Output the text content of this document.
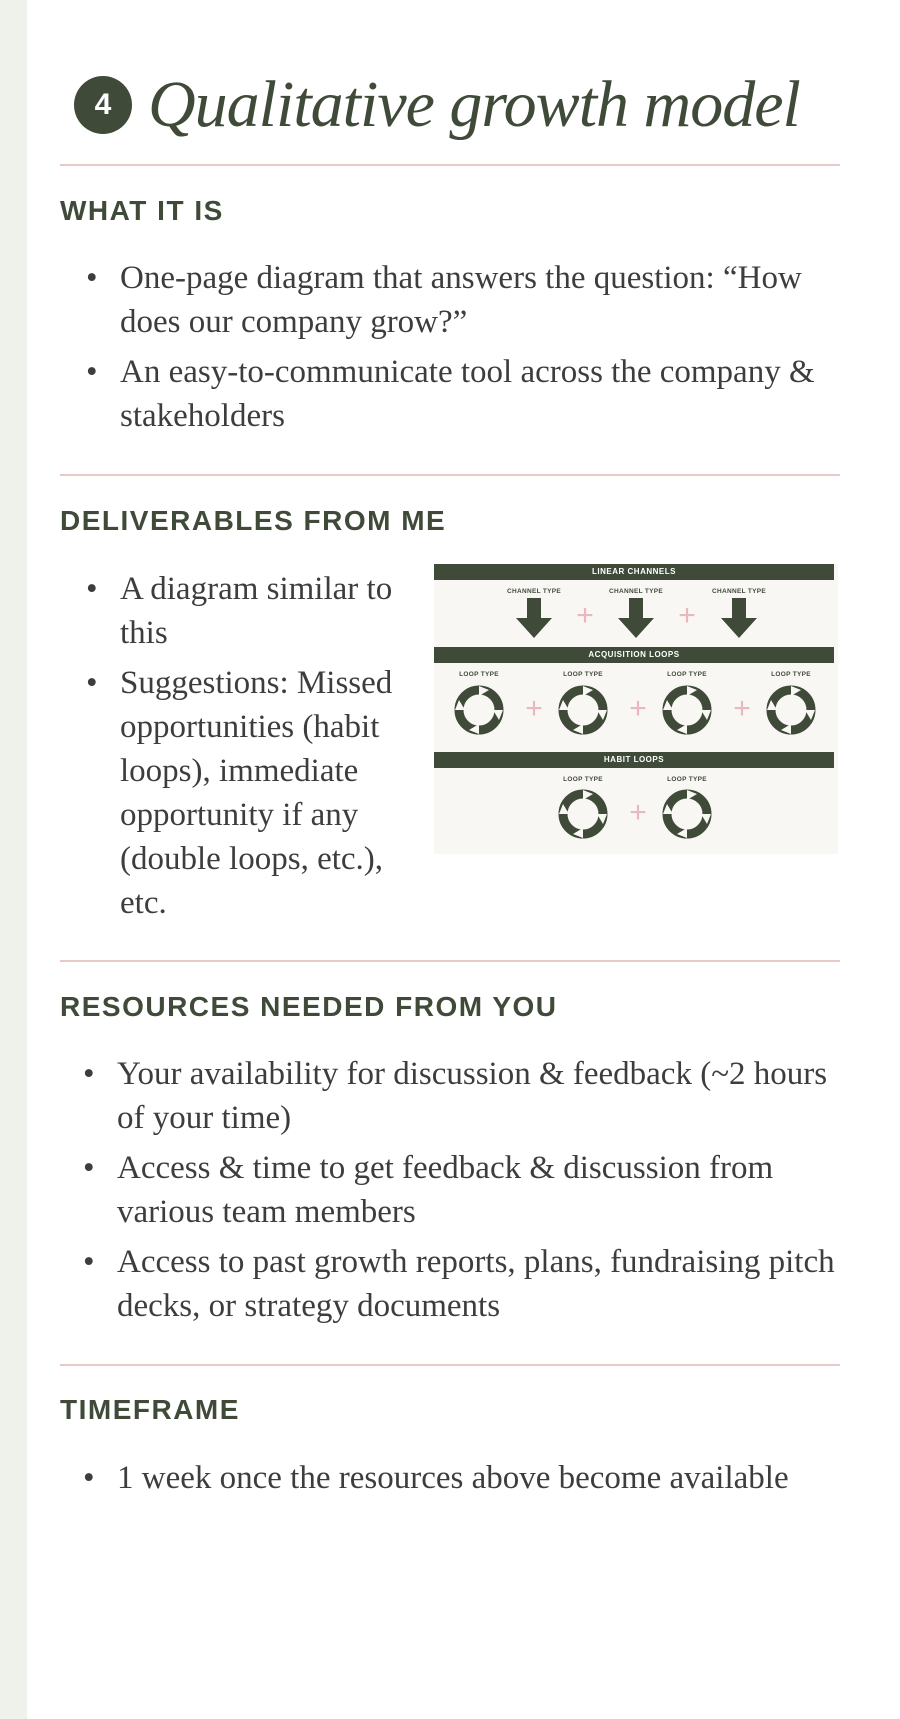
4 Qualitative growth model
WHAT IT IS
• One-page diagram that answers the question: “How does our company grow?”
• An easy-to-communicate tool across the company & stakeholders
DELIVERABLES FROM ME
• A diagram similar to this
• Suggestions: Missed opportunities (habit loops), immediate opportunity if any (double loops, etc.), etc.
LINEAR CHANNELS
CHANNEL TYPE	CHANNEL TYPE	CHANNEL TYPE
+	+
ACQUISITION LOOPS
LOOP TYPE	LOOP TYPE	LOOP TYPE	LOOP TYPE
+	+	+
HABIT LOOPS
LOOP TYPE	LOOP TYPE
+
RESOURCES NEEDED FROM YOU
• Your availability for discussion & feedback (~2 hours of your time)
• Access & time to get feedback & discussion from various team members
• Access to past growth reports, plans, fundraising pitch decks, or strategy documents
TIMEFRAME
• 1 week once the resources above become available
